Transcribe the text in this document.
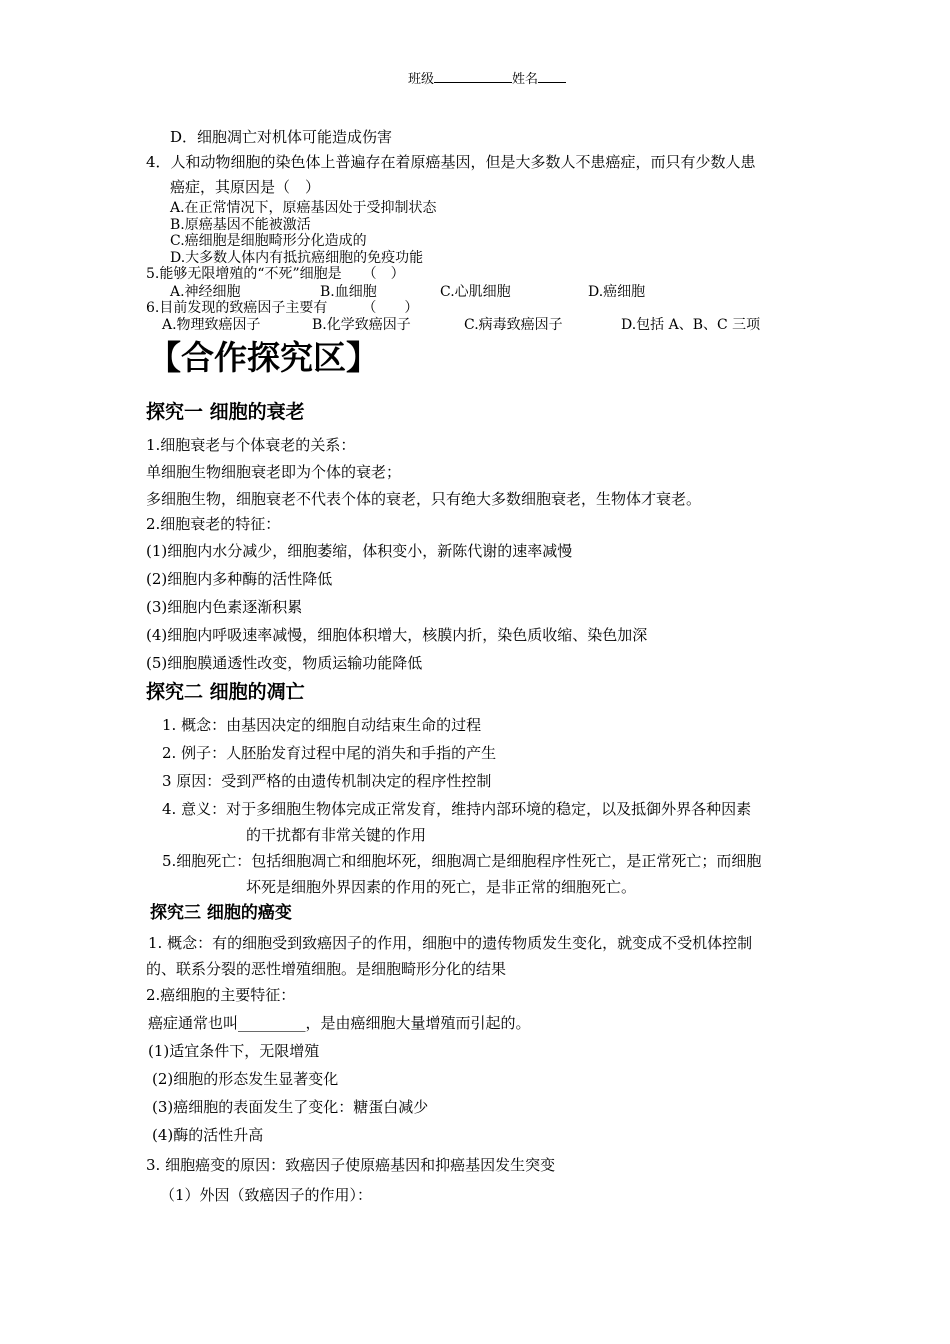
班级	姓名
D．细胞凋亡对机体可能造成伤害
4．人和动物细胞的染色体上普遍存在着原癌基因，但是大多数人不患癌症，而只有少数人患
癌症，其原因是（　）
A.在正常情况下，原癌基因处于受抑制状态
B.原癌基因不能被激活
C.癌细胞是细胞畸形分化造成的
D.大多数人体内有抵抗癌细胞的免疫功能
5.能够无限增殖的“不死”细胞是　　（　）
A.神经细胞	B.血细胞	C.心肌细胞	D.癌细胞
6.目前发现的致癌因子主要有　　　（　　）
A.物理致癌因子	B.化学致癌因子	C.病毒致癌因子	D.包括 A、B、C 三项
【合作探究区】
探究一 细胞的衰老
1.细胞衰老与个体衰老的关系：
单细胞生物细胞衰老即为个体的衰老；
多细胞生物，细胞衰老不代表个体的衰老，只有绝大多数细胞衰老，生物体才衰老。
2.细胞衰老的特征：
(1)细胞内水分减少，细胞萎缩，体积变小，新陈代谢的速率减慢
(2)细胞内多种酶的活性降低
(3)细胞内色素逐渐积累
(4)细胞内呼吸速率减慢，细胞体积增大，核膜内折，染色质收缩、染色加深
(5)细胞膜通透性改变，物质运输功能降低
探究二 细胞的凋亡
1. 概念：由基因决定的细胞自动结束生命的过程
2. 例子：人胚胎发育过程中尾的消失和手指的产生
3 原因：受到严格的由遗传机制决定的程序性控制
4. 意义：对于多细胞生物体完成正常发育，维持内部环境的稳定，以及抵御外界各种因素
的干扰都有非常关键的作用
5.细胞死亡：包括细胞凋亡和细胞坏死，细胞凋亡是细胞程序性死亡，是正常死亡；而细胞
坏死是细胞外界因素的作用的死亡，是非正常的细胞死亡。
探究三 细胞的癌变
1. 概念：有的细胞受到致癌因子的作用，细胞中的遗传物质发生变化，就变成不受机体控制
的、联系分裂的恶性增殖细胞。是细胞畸形分化的结果
2.癌细胞的主要特征：
癌症通常也叫_________，是由癌细胞大量增殖而引起的。
(1)适宜条件下，无限增殖
(2)细胞的形态发生显著变化
(3)癌细胞的表面发生了变化：糖蛋白减少
(4)酶的活性升高
3. 细胞癌变的原因：致癌因子使原癌基因和抑癌基因发生突变
（1）外因（致癌因子的作用）：
